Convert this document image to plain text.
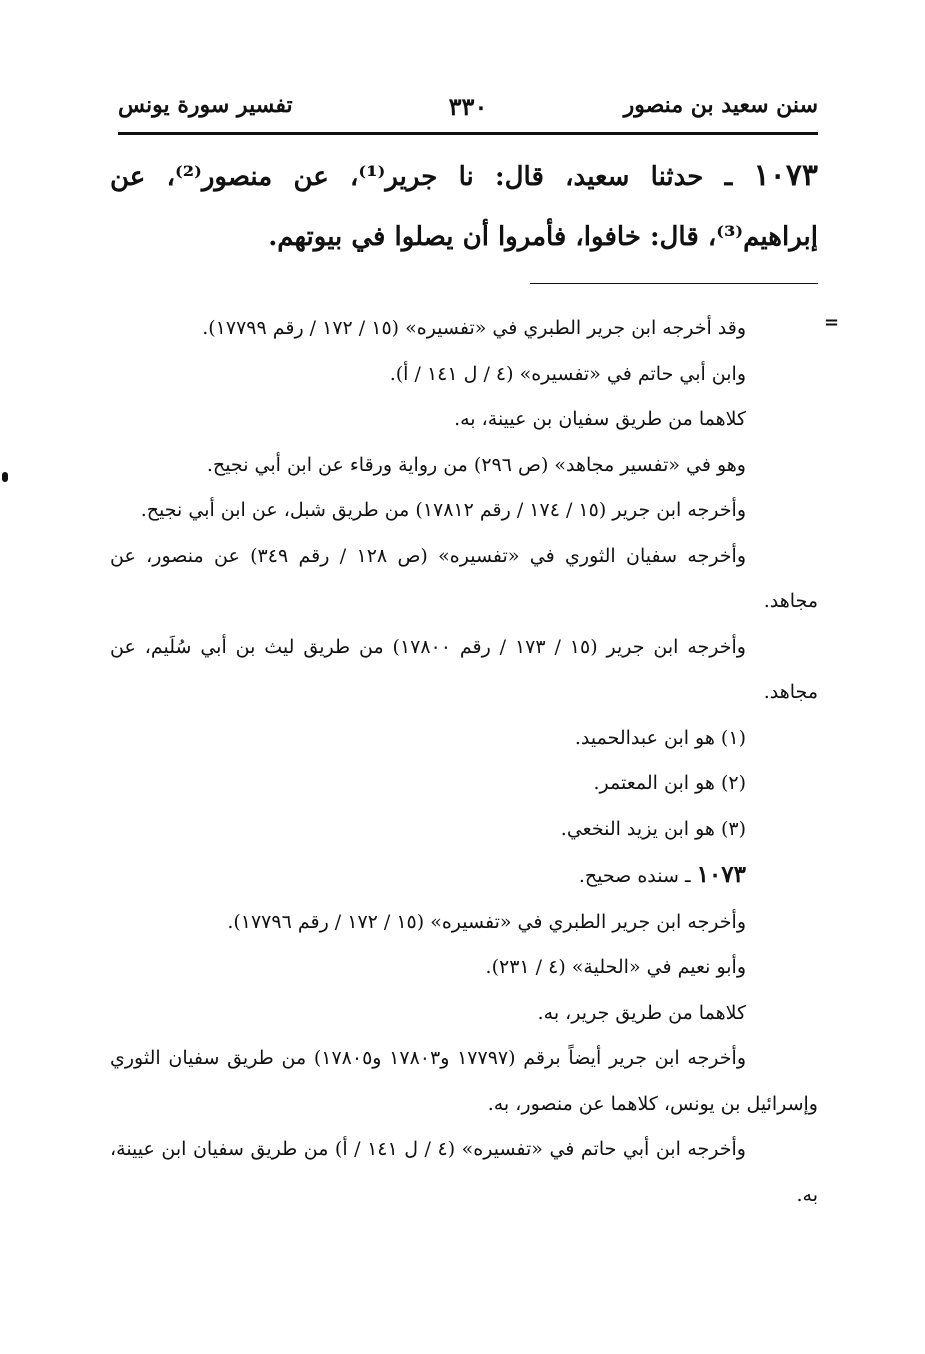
سنن سعيد بن منصور
٣٣٠
تفسير سورة يونس
١٠٧٣ ـ حدثنا سعيد، قال: نا جرير⁽¹⁾، عن منصور⁽²⁾، عن إبراهيم⁽³⁾، قال: خافوا، فأمروا أن يصلوا في بيوتهم.
=

وقد أخرجه ابن جرير الطبري في «تفسيره» (١٥ / ١٧٢ / رقم ١٧٧٩٩).

وابن أبي حاتم في «تفسيره» (٤ / ل ١٤١ / أ).

كلاهما من طريق سفيان بن عيينة، به.

وهو في «تفسير مجاهد» (ص ٢٩٦) من رواية ورقاء عن ابن أبي نجيح.

وأخرجه ابن جرير (١٥ / ١٧٤ / رقم ١٧٨١٢) من طريق شبل، عن ابن أبي نجيح.

وأخرجه سفيان الثوري في «تفسيره» (ص ١٢٨ / رقم ٣٤٩) عن منصور، عن مجاهد.

وأخرجه ابن جرير (١٥ / ١٧٣ / رقم ١٧٨٠٠) من طريق ليث بن أبي سُلَيم، عن مجاهد.

(١) هو ابن عبدالحميد.

(٢) هو ابن المعتمر.

(٣) هو ابن يزيد النخعي.

١٠٧٣ ـ سنده صحيح.

وأخرجه ابن جرير الطبري في «تفسيره» (١٥ / ١٧٢ / رقم ١٧٧٩٦).

وأبو نعيم في «الحلية» (٤ / ٢٣١).

كلاهما من طريق جرير، به.

وأخرجه ابن جرير أيضاً برقم (١٧٧٩٧ و١٧٨٠٣ و١٧٨٠٥) من طريق سفيان الثوري وإسرائيل بن يونس، كلاهما عن منصور، به.

وأخرجه ابن أبي حاتم في «تفسيره» (٤ / ل ١٤١ / أ) من طريق سفيان ابن عيينة، به.
